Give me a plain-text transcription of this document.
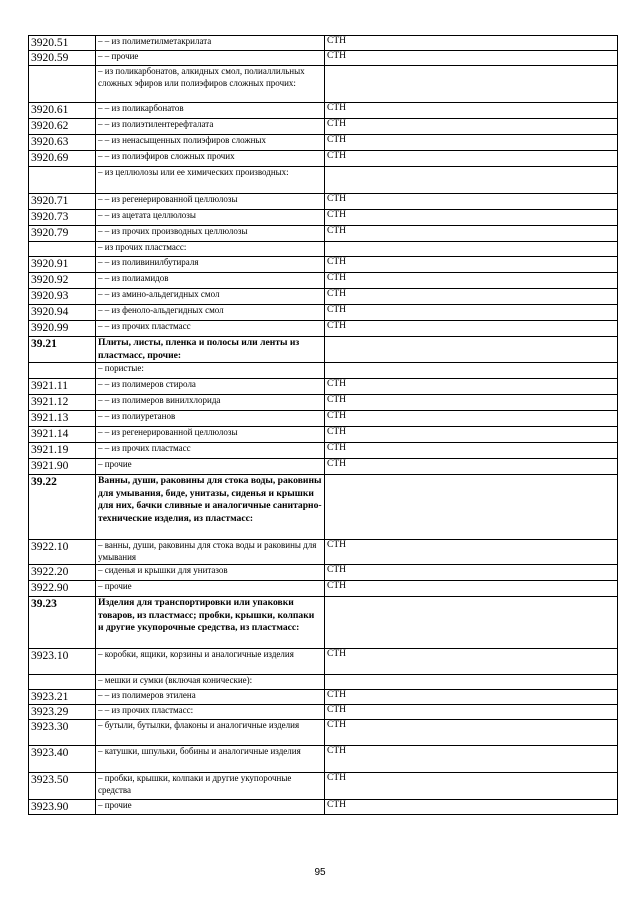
3920.51	– – из полиметилметакрилата	СТН
3920.59	– – прочие	СТН
	– из поликарбонатов, алкидных смол, полиаллильных сложных эфиров или полиэфиров сложных прочих:	
3920.61	– – из поликарбонатов	СТН
3920.62	– – из полиэтилентерефталата	СТН
3920.63	– – из ненасыщенных полиэфиров сложных	СТН
3920.69	– – из полиэфиров сложных прочих	СТН
	– из целлюлозы или ее химических производных:	
3920.71	– – из регенерированной целлюлозы	СТН
3920.73	– – из ацетата целлюлозы	СТН
3920.79	– – из прочих производных целлюлозы	СТН
	– из прочих пластмасс:	
3920.91	– – из поливинилбутираля	СТН
3920.92	– – из полиамидов	СТН
3920.93	– – из амино-альдегидных смол	СТН
3920.94	– – из феноло-альдегидных смол	СТН
3920.99	– – из прочих пластмасс	СТН
39.21	Плиты, листы, пленка и полосы или ленты из пластмасс, прочие:	
	– пористые:	
3921.11	– – из полимеров стирола	СТН
3921.12	– – из полимеров винилхлорида	СТН
3921.13	– – из полиуретанов	СТН
3921.14	– – из регенерированной целлюлозы	СТН
3921.19	– – из прочих пластмасс	СТН
3921.90	– прочие	СТН
39.22	Ванны, души, раковины для стока воды, раковины для умывания, биде, унитазы, сиденья и крышки для них, бачки сливные и аналогичные санитарно-технические изделия, из пластмасс:	
3922.10	– ванны, души, раковины для стока воды и раковины для умывания	СТН
3922.20	– сиденья и крышки для унитазов	СТН
3922.90	– прочие	СТН
39.23	Изделия для транспортировки или упаковки товаров, из пластмасс; пробки, крышки, колпаки и другие укупорочные средства, из пластмасс:	
3923.10	– коробки, ящики, корзины и аналогичные изделия	СТН
	– мешки и сумки (включая конические):	
3923.21	– – из полимеров этилена	СТН
3923.29	– – из прочих пластмасс:	СТН
3923.30	– бутыли, бутылки, флаконы и аналогичные изделия	СТН
3923.40	– катушки, шпульки, бобины и аналогичные изделия	СТН
3923.50	– пробки, крышки, колпаки и другие укупорочные средства	СТН
3923.90	– прочие	СТН
95
